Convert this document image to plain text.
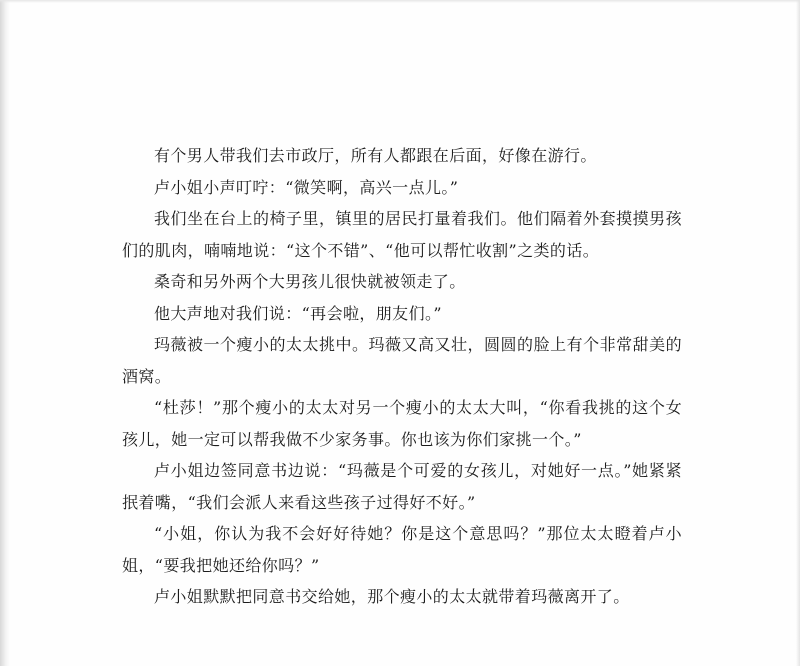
有个男人带我们去市政厅，所有人都跟在后面，好像在游行。

卢小姐小声叮咛：“微笑啊，高兴一点儿。”

我们坐在台上的椅子里，镇里的居民打量着我们。他们隔着外套摸摸男孩们的肌肉，喃喃地说：“这个不错”、“他可以帮忙收割”之类的话。

桑奇和另外两个大男孩儿很快就被领走了。

他大声地对我们说：“再会啦，朋友们。”

玛薇被一个瘦小的太太挑中。玛薇又高又壮，圆圆的脸上有个非常甜美的酒窝。

“杜莎！”那个瘦小的太太对另一个瘦小的太太大叫，“你看我挑的这个女孩儿，她一定可以帮我做不少家务事。你也该为你们家挑一个。”

卢小姐边签同意书边说：“玛薇是个可爱的女孩儿，对她好一点。”她紧紧抿着嘴，“我们会派人来看这些孩子过得好不好。”

“小姐，你认为我不会好好待她？你是这个意思吗？”那位太太瞪着卢小姐，“要我把她还给你吗？”

卢小姐默默把同意书交给她，那个瘦小的太太就带着玛薇离开了。
